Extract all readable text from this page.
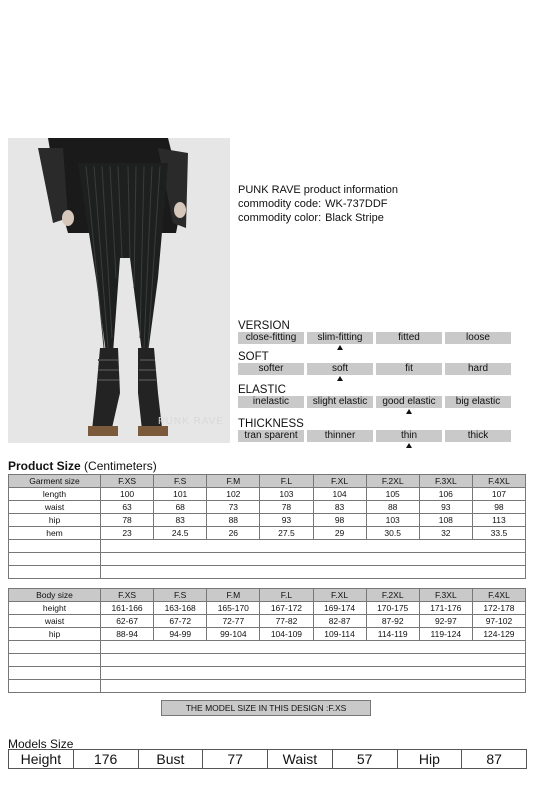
PUNK RAVE
PUNK RAVE product information
commodity code: WK-737DDF
commodity color: Black Stripe
VERSION
close-fitting	slim-fitting	fitted	loose
SOFT
softer	soft	fit	hard
ELASTIC
inelastic	slight elastic	good elastic	big elastic
THICKNESS
tran sparent	thinner	thin	thick
Product Size (Centimeters)
Garment size	F.XS	F.S	F.M	F.L	F.XL	F.2XL	F.3XL	F.4XL
length	100	101	102	103	104	105	106	107
waist	63	68	73	78	83	88	93	98
hip	78	83	88	93	98	103	108	113
hem	23	24.5	26	27.5	29	30.5	32	33.5

Body size	F.XS	F.S	F.M	F.L	F.XL	F.2XL	F.3XL	F.4XL
height	161-166	163-168	165-170	167-172	169-174	170-175	171-176	172-178
waist	62-67	67-72	72-77	77-82	82-87	87-92	92-97	97-102
hip	88-94	94-99	99-104	104-109	109-114	114-119	119-124	124-129

THE MODEL SIZE IN THIS DESIGN :F.XS
Models Size
Height	176	Bust	77	Waist	57	Hip	87
